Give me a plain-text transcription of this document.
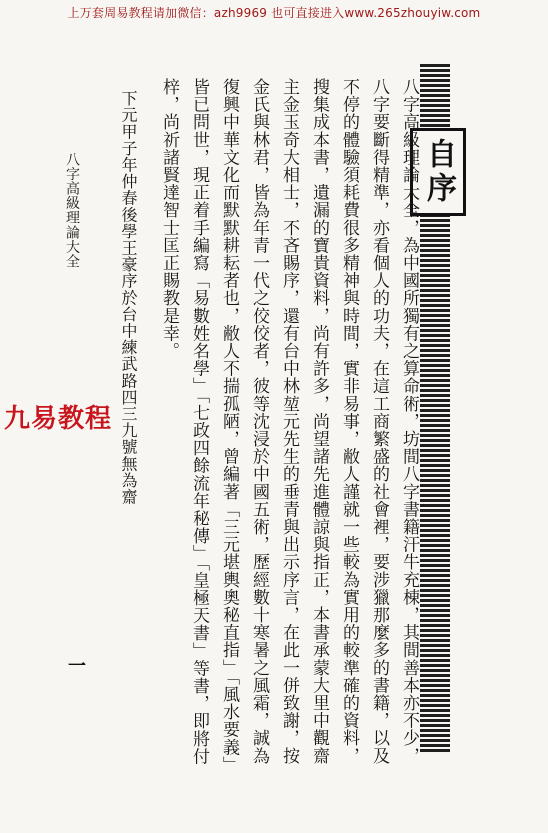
上万套周易教程请加微信：azh9969 也可直接进入www.265zhouyiw.com
自序
八字高級理論大全，為中國所獨有之算命術，坊間八字書籍汗牛充棟，其間善本亦不少，
八字要斷得精準，亦看個人的功夫，在這工商繁盛的社會裡，要涉獵那麼多的書籍，以及不停的體驗須耗費很多精神與時間，實非易事，敝人謹就一些較為實用的較準確的資料，搜集成本書，遺漏的寶貴資料，尚有許多，尚望諸先進體諒與指正，本書承蒙大里中觀齋主金玉奇大相士，不吝賜序，還有台中林堃元先生的垂青與出示序言，在此一併致謝，按金氏與林君，皆為年青一代之佼佼者，彼等沈浸於中國五術，歷經數十寒暑之風霜，誠為復興中華文化而默默耕耘者也，敝人不揣孤陋，曾編著「三元堪輿奧秘直指」「風水要義」皆已問世，現正着手編寫「易數姓名學」「七政四餘流年秘傳」「皇極天書」等書，即將付梓，尚祈諸賢達智士匡正賜教是幸。
下元甲子年仲春後學王豪序於台中練武路四三九號無為齋
八字高級理論大全
一
九易教程
